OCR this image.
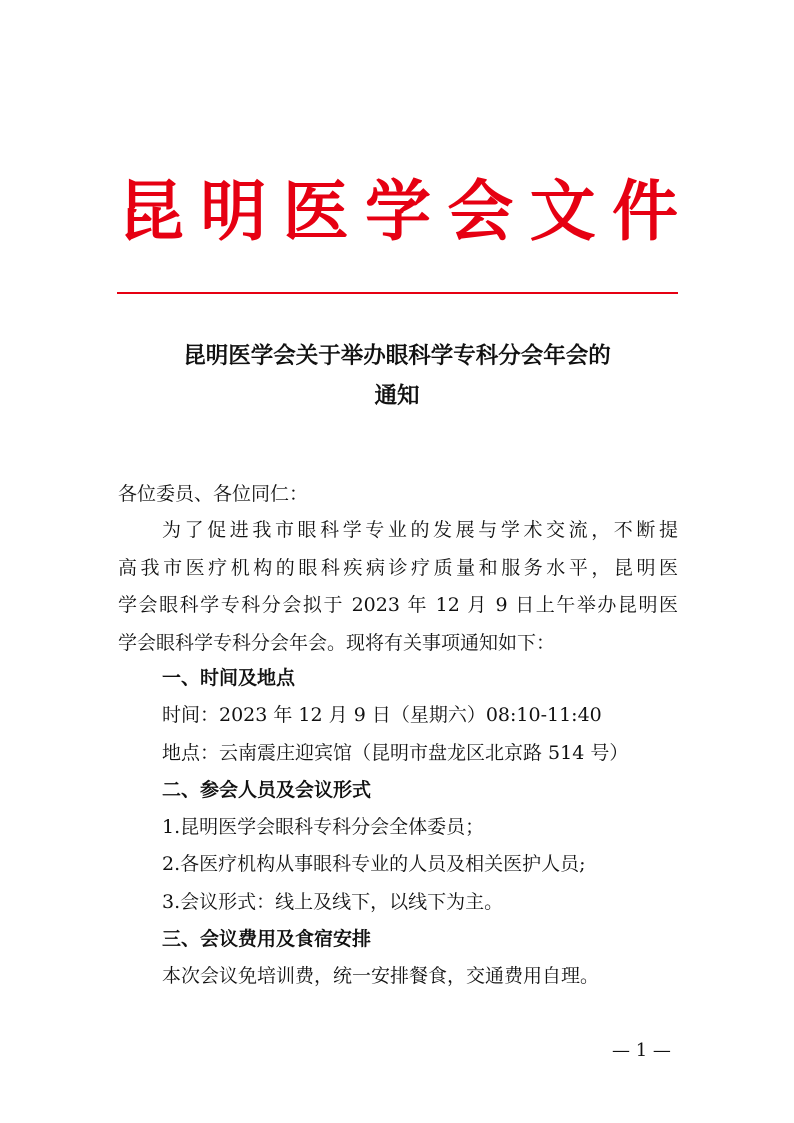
昆 明 医 学 会 文 件
昆明医学会关于举办眼科学专科分会年会的
通知
各位委员、各位同仁：
为了促进我市眼科学专业的发展与学术交流，不断提
高我市医疗机构的眼科疾病诊疗质量和服务水平，昆明医
学会眼科学专科分会拟于 2023 年 12 月 9 日上午举办昆明医
学会眼科学专科分会年会。现将有关事项通知如下：
一、时间及地点
时间：2023 年 12 月 9 日（星期六）08:10-11:40
地点：云南震庄迎宾馆（昆明市盘龙区北京路 514 号）
二、参会人员及会议形式
1.昆明医学会眼科专科分会全体委员；
2.各医疗机构从事眼科专业的人员及相关医护人员;
3.会议形式：线上及线下，以线下为主。
三、会议费用及食宿安排
本次会议免培训费，统一安排餐食，交通费用自理。
— 1 —
